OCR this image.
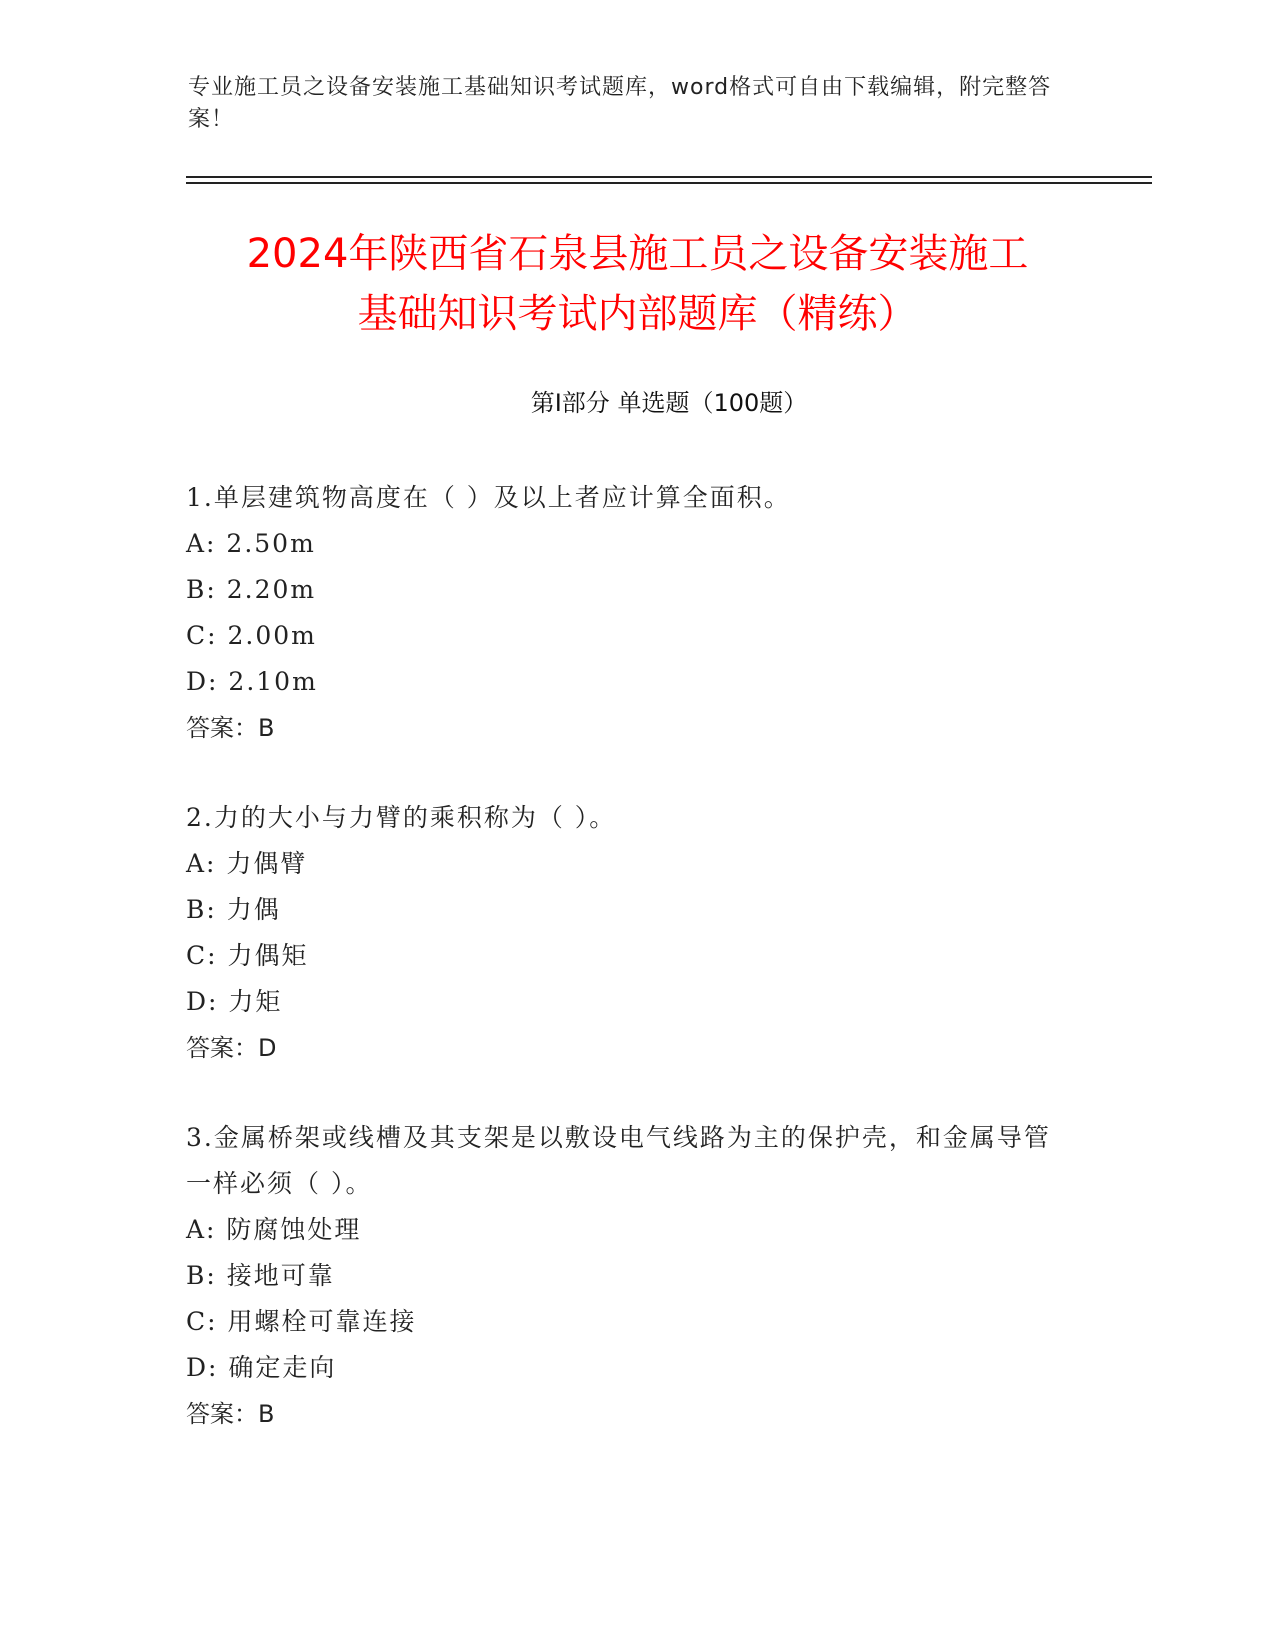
专业施工员之设备安装施工基础知识考试题库，word格式可自由下载编辑，附完整答案！
2024年陕西省石泉县施工员之设备安装施工
基础知识考试内部题库（精练）
第I部分 单选题（100题）
1.单层建筑物高度在（ ）及以上者应计算全面积。
A: 2.50m
B: 2.20m
C: 2.00m
D: 2.10m
答案：B
2.力的大小与力臂的乘积称为（ ）。
A: 力偶臂
B: 力偶
C: 力偶矩
D: 力矩
答案：D
3.金属桥架或线槽及其支架是以敷设电气线路为主的保护壳，和金属导管一样必须（ ）。
A: 防腐蚀处理
B: 接地可靠
C: 用螺栓可靠连接
D: 确定走向
答案：B
